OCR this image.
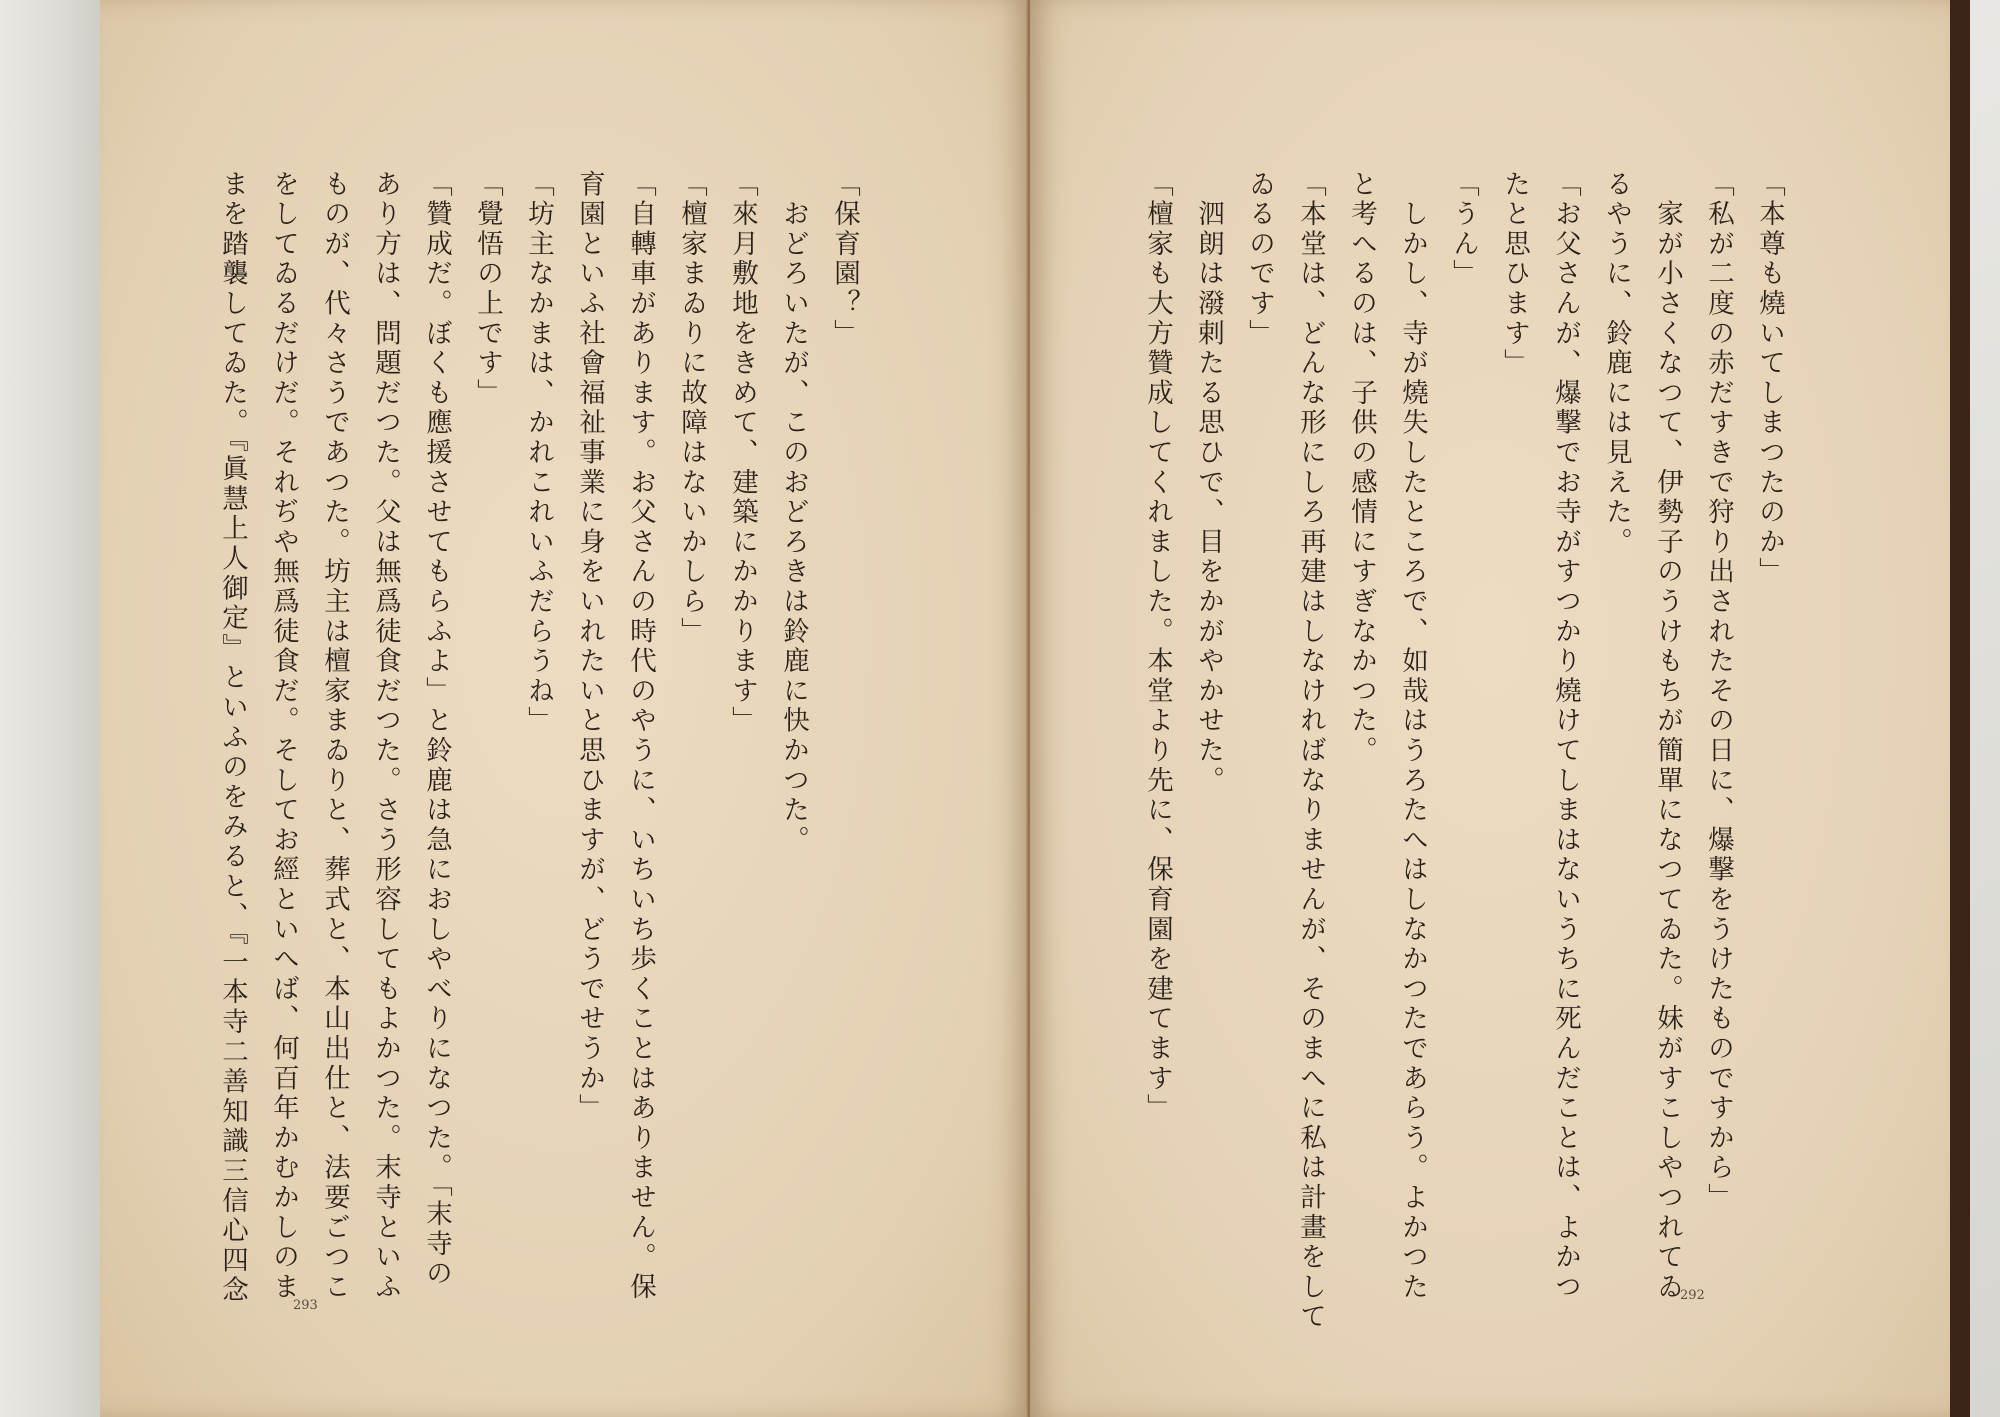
「保育園？」
　おどろいたが、このおどろきは鈴鹿に快かつた。
「來月敷地をきめて、建築にかかります」
「檀家まゐりに故障はないかしら」
「自轉車があります。お父さんの時代のやうに、いちいち歩くことはありません。保
育園といふ社會福祉事業に身をいれたいと思ひますが、どうでせうか」
「坊主なかまは、かれこれいふだらうね」
「覺悟の上です」
「贊成だ。ぼくも應援させてもらふよ」と鈴鹿は急におしやべりになつた。「末寺の
あり方は、問題だつた。父は無爲徒食だつた。さう形容してもよかつた。末寺といふ
ものが、代々さうであつた。坊主は檀家まゐりと、葬式と、本山出仕と、法要ごつこ
をしてゐるだけだ。それぢや無爲徒食だ。そしてお經といへば、何百年かむかしのま
まを踏襲してゐた。『眞慧上人御定』といふのをみると、『一本寺二善知識三信心四念	293
「本尊も燒いてしまつたのか」
「私が二度の赤だすきで狩り出されたその日に、爆撃をうけたものですから」
　家が小さくなつて、伊勢子のうけもちが簡單になつてゐた。妹がすこしやつれてゐ
るやうに、鈴鹿には見えた。
「お父さんが、爆撃でお寺がすつかり燒けてしまはないうちに死んだことは、よかつ
たと思ひます」
「うん」
　しかし、寺が燒失したところで、如哉はうろたへはしなかつたであらう。よかつた
と考へるのは、子供の感情にすぎなかつた。
「本堂は、どんな形にしろ再建はしなければなりませんが、そのまへに私は計畫をして
ゐるのです」
　泗朗は潑剌たる思ひで、目をかがやかせた。
「檀家も大方贊成してくれました。本堂より先に、保育園を建てます」
292
